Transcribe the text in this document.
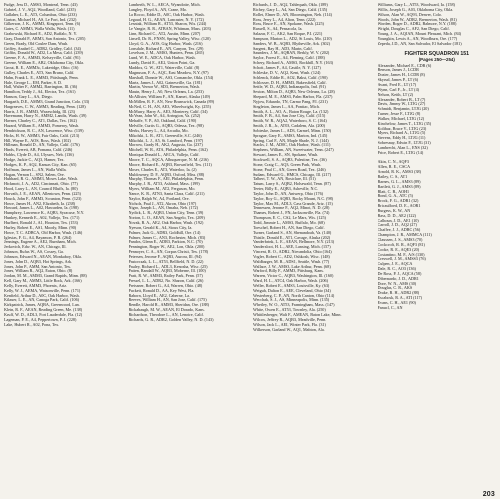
Fudge, Jess D., AMS3, Montreal, Tenn. (43)
Gabriel, J. V., AQ2, Woodland, Calif. (235)
Gallaher, L. E., AT3, Columbus, Ohio (233)
Garton, Michael H., AS, Le Fort, Ind. (232)
Gilkerson, J. K., AMM3, Kingsport, Tenn. (6)
Gates, C. AMM3, Walla Walla, Wash. (11)
Grabowski, Richard E., AD2, Buffalo, N. Y.
Gray, Donald P., ARM3, San Antonio, Tex. (205)
Green, Brady, Old Coulee Dam, Wash.
Griffey, Anabel C., ADR2, Gridley, Calif. (34)
Griffin, Donald W., AD2, La Mesa, Calif. (239)
Greene, F. A., AMM3, Kelseyville, Calif. (91)
Greene, William E., AB2, Oklahoma City, Okla.
Grout, R. E., AMM3c, Lakeridge, Ohio. (16)
Gulley, Charles E., AT3, San Bruno, Calif.
Hahn, Frank L. E., AMM3, Pittsburgh, Penn.
Hale, George L., EM, Parker, S. D.
Hall, Walter F., AMM2, Barrington, Ill. (36)
Hamilton, Teddy J., A4, Electra, Tex. (161)
Hanson, Gary L., AA, Diego.
Hargarth, D.E., AMM3, Grand Junction, Colo. (33)
Hargreaves, C. W., AMM3, Reading, Penn. (128)
Harris, J. B., AMM3, Waxeschidg, Ill. (23)
Havemann, Harry N., AMM2, Landis, Wash. (39)
Havner, Charley C., AT1, Dallas, Tex. (162)
Hazard, William E., AMM3, Pomeroy, Wash.
Hendrickson, R. C., AN, Lawrence, Wisc. (139)
Hicks, H. W., AMM3, Fair Oaks, Calif. (213)
Hill, Wayne E., AOS, Ross, Wash. (102)
Hillman, Ronald D., AN, Vallejo, Calif. (176)
Hinds, Everett, AB, Pomana, Calif. (246)
Hobbs, Clyde D., A4, Ulysses, Neb. (136)
Hodge, Jackie C., AQ3, Hamer, Tex.
Hodges, K. P., AQ2, Kansas City, Kan. (65)
Hoffman, James L., AN, Walla Walla.
Hogan, Vernon L., SN2, Salem, Ore.
Hubbard, R. G., AMM3, Moses Lake, Wash.
Hickmott, J. A., AD2, Cincinnati, Ohio. (77)
Hood, Larry L., AN, Council Bluffs, Ia. (80)
Horvath, J. E., AEAN, Allentown, Penn. (225)
Houck, John F., AMM3, Scranton, Penn. (123)
Howe, James H., AN2, Elizabeth, Ia. (238)
Howard, James L., A02, Hawarden, Ia. (198)
Humphrey, Lawrence K., AQB3, Syracuse, N.Y.
Hunkey, Kenneth E., A02, Vallejo, Tex. (171)
Hurlbert, Ronald J., A1, Houston, Tex. (153)
Hurley, Robert E., AS1, Moody, Minn. (90)
Howe, T. C. ADBCA, Old Harbor, Wash. (146)
Iglesias, F. G., A4, Bayamon, P. R. (264)
Jennings, Eugene A., AE2, Burnham, Mich.
Jerkovich, Edw. W., AN, Chicago, Ill.
Johnson, Rufus W., AS, Cossey, Ga.
Johnson, Edward N., AEAN, Monkaboy, Okla.
Jones, John D., AQB3, Hot Springs, Ark.
Jones, John P., AMM, San Antonio, Tex.
Jones, William R., AQ2, Eaton, Ohio. (8)
Jordan, M. M., AMM3, Grand Rapids, Minn. (88)
Kell, Gary M., AMM3, Little Rock, Ark. (166)
Kelly, Everett, AMM3, Phoenix, Ariz.
Kelly, W. J., AEMA, Watsonville, Penn. (171)
Kenfield, Arthur D., A0C, Oak Harbor, Wash.
Kilauer, L. E., AN, Canoga Park, Calif. (106)
Kirkpatrick, James, AQBA, Greenwood, Lan.
Klein, R. F., AEAN, Reading Green, Me. (138)
Kruff, W. D., ADL3, Fort Lauderdale, Fla. (12)
Lageman, P. E., A4, Peppertown, P. J. (228)
Lake, Hubert R., A02, Pona, Tex.
Lamberth, W. L., AECA, Wyandotte, Mich.
Langley, Floyd A., AN, Crane, Mo.
La Rocco, Eddie D., A0C, Oak Harbor, Wash.
Legaud, H. G., AEAN, Lancaster, N. Y. (172)
Lesniak, William R., AT53, Sharon, Wis. (244)
Le Vangie, R. R., ATBAN, Whitman, Mass. (203)
Linn, Richard C., AT2, Austin, Minn. (207)
Linsell, Dr. R., FNSN, Spring Valley, Wisc. (120)
Lloyd, G. A., AOS, Gig Harbor, Wash. (216)
Lonsdale, Richard E., AN, Canyon, Tex. (29)
Lovelson, J. M., AMS3, Hunters, Penn. (265)
Lund, W. E., ADCA, Oak Harbor, Wash.
Lundy, David E., AE2, Union Point, Ga.
Maddox, G. W., AT1, Waterville, Calif. (8)
Magnuson, F. A., AQC, East Meadow, N.Y. (97)
Marshall, Donnie W., AS3, Comanche, Okla. (154)
Martz, James J., A02, Gainesville, Ga. (181)
Martin, Vernor W., SD3, Bremerton, Wash.
Mauin, Henry J., A0, New Orleans, La. (253)
McAllister, William F., AN, Kamei, Alaska (149)
McMillen, R. F., AN, New Brunswick, Canada (89)
McNeil, C. H., AN, AE3, Wheelwright, Ky. (255)
McMurry, Harry A., AE3, Monterey, Calif. (34)
McVean, John W., A4, Arrington, Va. (252)
Mehaffe, V. P., A0, Oakland, Calif. (190)
Melville, Curtis G., AQB3, Odessa, Tex. (98)
Merks, Harvey L., A4, Arcadia, Mo.
Mikolski, L. R., AT1, Greenville, S.C. (246)
Mikolski, L. J., A5, St. Lamford, Penn. (197)
Morrow, Grady H., AK2, Augusta, Ga. (237)
Mitchell, W. R., ATA, Philadelphia, Penn. (162)
Moniqua Donald L., AECA, Vallejo, Calif.
Moore, T. C., AQCA, Albuquerque, N. M. (216)
Moore, Richard E., AQB3, Brownfield, Tex. (111)
Moser, Charles E., AT3, Waterloo, Ia. (2)
Muldowney, D. F., AQB3, Oxford, Miss. (88)
Murphy, Thomas F., AEI, Philadelphia, Penn.
Murphy, J. R., AT53, Ashland, Mass. (199)
Myers, William M., AT2, Ferguson, Mo.
Nance, K. R., ATN3, Santa Clara, Calif. (211)
Naylor, Ralph W., A4, Portland, Ore.
Nichols, Paul J., AT2, Akron, Ohio (197)
Nigro, Joseph L., AN, Omaha, Neb. (172)
Nydick, L. R., AQB3, Union City, Tenn. (39)
Norton, L. O., AEAN, San Angelo, Tex. (209)
Novak, R. A., AE2, Oak Harbor, Wash. (192)
Nyeson, Gerald K., A4, Sioux City, Ia.
Palmer, Jack G., ADR3, Goldhill, Ore. (14)
Palmer, James C., AN3, Rochester, Mich. (83)
Pandos, Glenn E., ADR3, Parkton, N.C. (70)
Pennington, Roger W., AE2, Lon, Okla. (200)
Pennoyer, C. A., AN, Corpus Christi, Tex. (178)
Petersen, Jerome F., AQB3, Aurora, Ill. (94)
Pastorczak, L. L., AT53, Bellfield, N. D. (22)
Pauley, Richard L., ADL3, Kenosha, Wisc. (25)
Patten, Randall W., AQB3, Moberne, Ill. (100)
Pratt, R. W., AMM3, Railey Park, Penn. (57)
Pressel, L. L., ADR2, No. Sharon, Calif. (26)
Preissner, Robert G., A4, Warren, Ohio. (48)
Puckett, Ronald D., AA, Key West, Fla.
Raborn, Lloyd E., AE2, Caberne, La.
Reeves, William H., AN, San Jose, Calif. (175)
Rendle, Harold R., AMM3, Sheridan, Ore. (188)
Rickabaugh, M. W., AEAN, El Dorado, Kans.
Richardson, Theodore L., AN, Lenoire, Calif.
Richards, G. R., ADR2, Golden Valley, N. D. (143)
Richards, J. D., AQ2, Tahlequah, Okla. (189)
Richey, Gary L., A4, San Diego, Calif. (135)
Rollet, Elmer D., AN, Bloomington, Neb. (114)
Ross, Jerry L., A4, Alton, Tenn. (222)
Ross, Bruce E., AN, Spokane, Wash. (225)
Russell, S., A4, Pensacola, Ia.
Salazar, F. C., AK2, San Roque, P.I. (221)
Sampson, Marion L., AD2, St Louis, Mo. (210)
Sanders, W. B., AQB3, Blytheville, Ark. (302)
Sargent, Ray H., AD3, Marin, Calif.
Saunders, J. M., AQBAN, Berkly, W. V. (202)
Saylor, Forest E., A4, Fleming, Calif. (188)
Schery, Richard A., AMS3, Rockhill, N.Y. (163)
Schott, James F., A4, Castile, N. Y. (127)
Schleske, D. V., AQ2, Kent, Wash. (124)
Schlenck, Eddie R., AO2, Bakst, Calif. (190)
Schlosser, D. H., AMM3, Bakersfield, Calif.
Settle, W. D., AQB3, Indianapolis, Ind. (91)
Sexton, Milton D., AQB3, New Orleans, La. (28)
Shepard, M. E., AMS3, Palm Harbor, Fla. (237)
Nyjow, Eduardo, TN, Carmo Pang, P.I. (231)
Singleton, James L., AA, Pontiac, Mich.
Smith, A. L., AO, A., Baton Rouge, La. (132)
Smith, F. B., A4, San Jose City, Calif. (115)
Smith, W. R., AQA2, Waterboro, S. C. (164)
Smith, J. R., Jr., AT03, Cadalem, Ala. (200)
Sobieske, James L., AD3, Carmel, Minn. (150)
Sprague, Gary E., AMS3, Marion, Ind. (145)
Spring, Carl F., AN, Maple Shade, N. J. (144)
Stacks, J. M., AD0C, Oak Harbor, Wash. (111)
Stephens, William, AN, Sweetwater, Tenn. (247)
Stewart, James E., SN, Spokane, Wash.
Stockwell, S. A., AQB3, Palestine, Tex. (36)
Stone, Craig C., AQ3, Green Park, Wash.
Stone, Paul C., AN, Green Road, Tex. (246)
Sudam, Edward G., HMCS, Chicago, Ill. (217)
Talbert, T. W., AN, Rosiclare, Ill. (51)
Tatum, Larry S., AQB2, Holsewald, Tenn. (87)
Teeter, Billy E., AQB3, Asheville, N.C.
Taylor, John D., AN, Antwerp, Ohio (176)
Taylor, Roy G., AQB3, Rocky Mount, N.C. (98)
Taylor, Max M., ADL3, Cass Grande, Ariz. (15)
Tennessen, Jerome F., AQ2, Minot, N. D. (28)
Thames, Robert J., FN, Jacksonville, Fla. (74)
Thompson, E. C., CS2, Le Mars, Wis. (125)
Todd, Jimmie L., AMS3, Buffalo, Mo. (68)
Toeschel, Robert H., AN, San Diego, Calif.
Turner, Garland S., AN, Shenandoah, Va. (140)
Thistle, Donald E., AT1, Cavage, Alaska (202)
Vanderbrink, L. E., AEAN, Bellmore, N.Y. (213)
Vandersloot, H. L., AEE, Lansing, Mich. (157)
Vincent, R. O., ADR2, Nirvandolia, Ohio (164)
Vogler, Robert C., AD2, Oshkosh, Wisc. (148)
Waldbarger, M. R., ADS1, Seattle, Wash. (77)
Wallace, J. W., AMS3, Lake Arthur, Penn. (68)
Warford, Billy F., AMM3, Pittsburg, Kans.
Warren, Victor C., AQB3, Washington, Ill. (160)
Ward, H. L., ATC4, Oak Harbor, Wash. (206)
Weller, Robert E., AMS3, Louisville, Ky. (63)
Weiguh, Dalton E., AEE, Cleveland, Ohio (34)
Westerberg, C. P., AN, North Canton, Ohio (114)
Wecchak, S. J., AS, Minneapolis, Minn. (135)
Whetley, W. O., AT53, Framingham, Mass. (147)
White, Owen E., AT53, Townley, Ala. (250)
Whittlesberger, Walt F., AMEAN, Baton Lake, Minn.
Wilcox, Jeffrey R., AQB3, Meadville, Penn.
Wilson, Jack L., AEI, Winter Park, Fla. (31)
Wilkerson, Garland W., AQ1, Mabton, Ala.
Williams, Gary L., AT53, Woodward, Ia. (158)
Willis, Joseph G., A03, Oklahoma City, Okla.
Wilson, Alan W., AQ93, Denver, Colo.
Woods, John W., ADR2, Bremerton, Wash. (81)
Worden, Roger D., ADR2, Balmore, N.Y. (188)
Wright, Douglas C., AF2, San Diego, Calif.
Young, J. A., AQJAN, Mount Pleasant, Mich. (84)
Youngkin, Lewis A., AN, Woodburn, Ore. (177)
Zepeda, J.D., AN, San Salvador, El Salvador (181)
FIGHTER SQUADRON 151
(Pages 250—254)
Alexander, Michael E., CDR (6)
Benson, James J., LCDR
Dozier, James H., LCDR (8)
Skyrud, James P., LT (6)
Avant, Fred E., LT (17)
Wynn, Carl F., Jr., LT (4)
Nelson, Keith, LT (2)
Alexander, Robert B., LT (7)
Davis, Jimmy W., LTJG (27)
Schmidt, Benjamin, LTJG (20)
Turner, Jesse F., LTJG (8)
Walker, Michael, LTJG (12)
Kinchelow, James T., LTJG (35)
Kolibaz, Bruce V., LTJG (23)
Myers, Richard A., LTJG (5)
Stevens, Eddy H., LTJG (11)
Sobresnay, Edwin F., LTJG (31)
Lambrecht, Alan L., ENS (32)
Price, Robert E., LTJG (14)

Akin, C. N., AQF3
Allen, R. E., CSCA
Arnold, R. K., AMS3 (38)
Bailey, C. S., AT1
Barnes, G. L., AMS3 (89)
Bartlett, G. J., AMS3 (89)
Blatt, C. B., AOH1
Bond, G. A., ATC (5)
Brock, F. G., ADR1 (32)
Bricaulfoed, D. E., AOR1
Burgess, K. W., AN
Bass, D. D., AE2 (122)
Calhoun, J. D., AE1 (10)
Carroll, J. D., AQ2 (27)
Chaffee, J. J., ADRC (56)
Champion, J. R., AMMCA (111)
Claussen, J. S., AMS3 (70)
Cockcroft, R. R., AQF3 (81)
Cooke, R. E., AQE3 (20)
Costantino, M. F., A/S (130)
Creswell, J. M., AMSS3 (76)
Culpen, J. E., AQCA
Dale, R. C., AO3 (136)
De Ross, P. J., AQCA (58)
Dibernardo, J. D., ADR1
Dore, W. N., AMS (30)
Douglas, C. R., AKS
Drake, R. H., ADR2 (88)
Escabosk, R. A., ATI (117)
Evans, C. H., AE1 (90)
Fanucl, C., AN
203
